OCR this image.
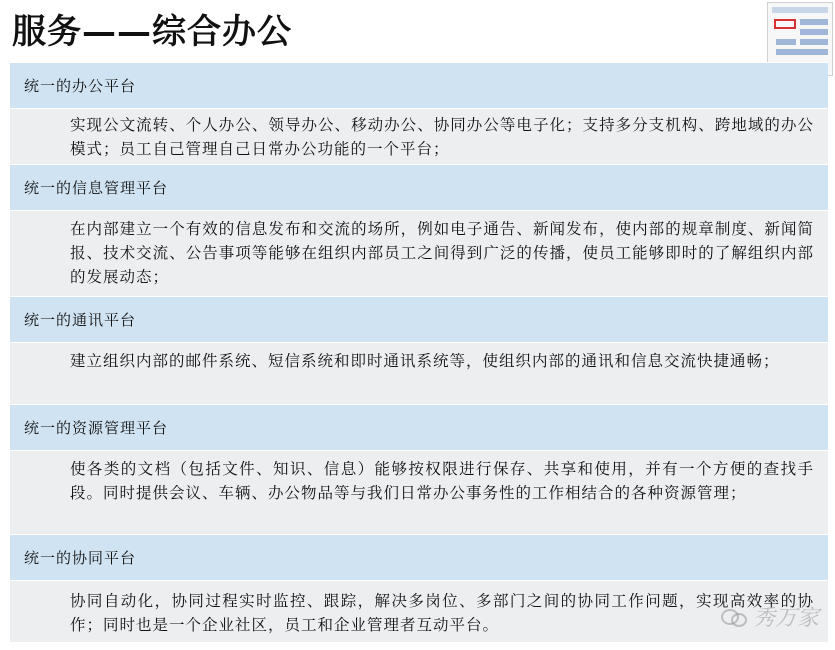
服务——综合办公
统一的办公平台
实现公文流转、个人办公、领导办公、移动办公、协同办公等电子化；支持多分支机构、跨地域的办公模式；员工自己管理自己日常办公功能的一个平台；
统一的信息管理平台
在内部建立一个有效的信息发布和交流的场所，例如电子通告、新闻发布，使内部的规章制度、新闻简报、技术交流、公告事项等能够在组织内部员工之间得到广泛的传播，使员工能够即时的了解组织内部的发展动态；
统一的通讯平台
建立组织内部的邮件系统、短信系统和即时通讯系统等，使组织内部的通讯和信息交流快捷通畅；
统一的资源管理平台
使各类的文档（包括文件、知识、信息）能够按权限进行保存、共享和使用，并有一个方便的查找手段。同时提供会议、车辆、办公物品等与我们日常办公事务性的工作相结合的各种资源管理；
统一的协同平台
协同自动化，协同过程实时监控、跟踪，解决多岗位、多部门之间的协同工作问题，实现高效率的协作；同时也是一个企业社区，员工和企业管理者互动平台。	秀万家
